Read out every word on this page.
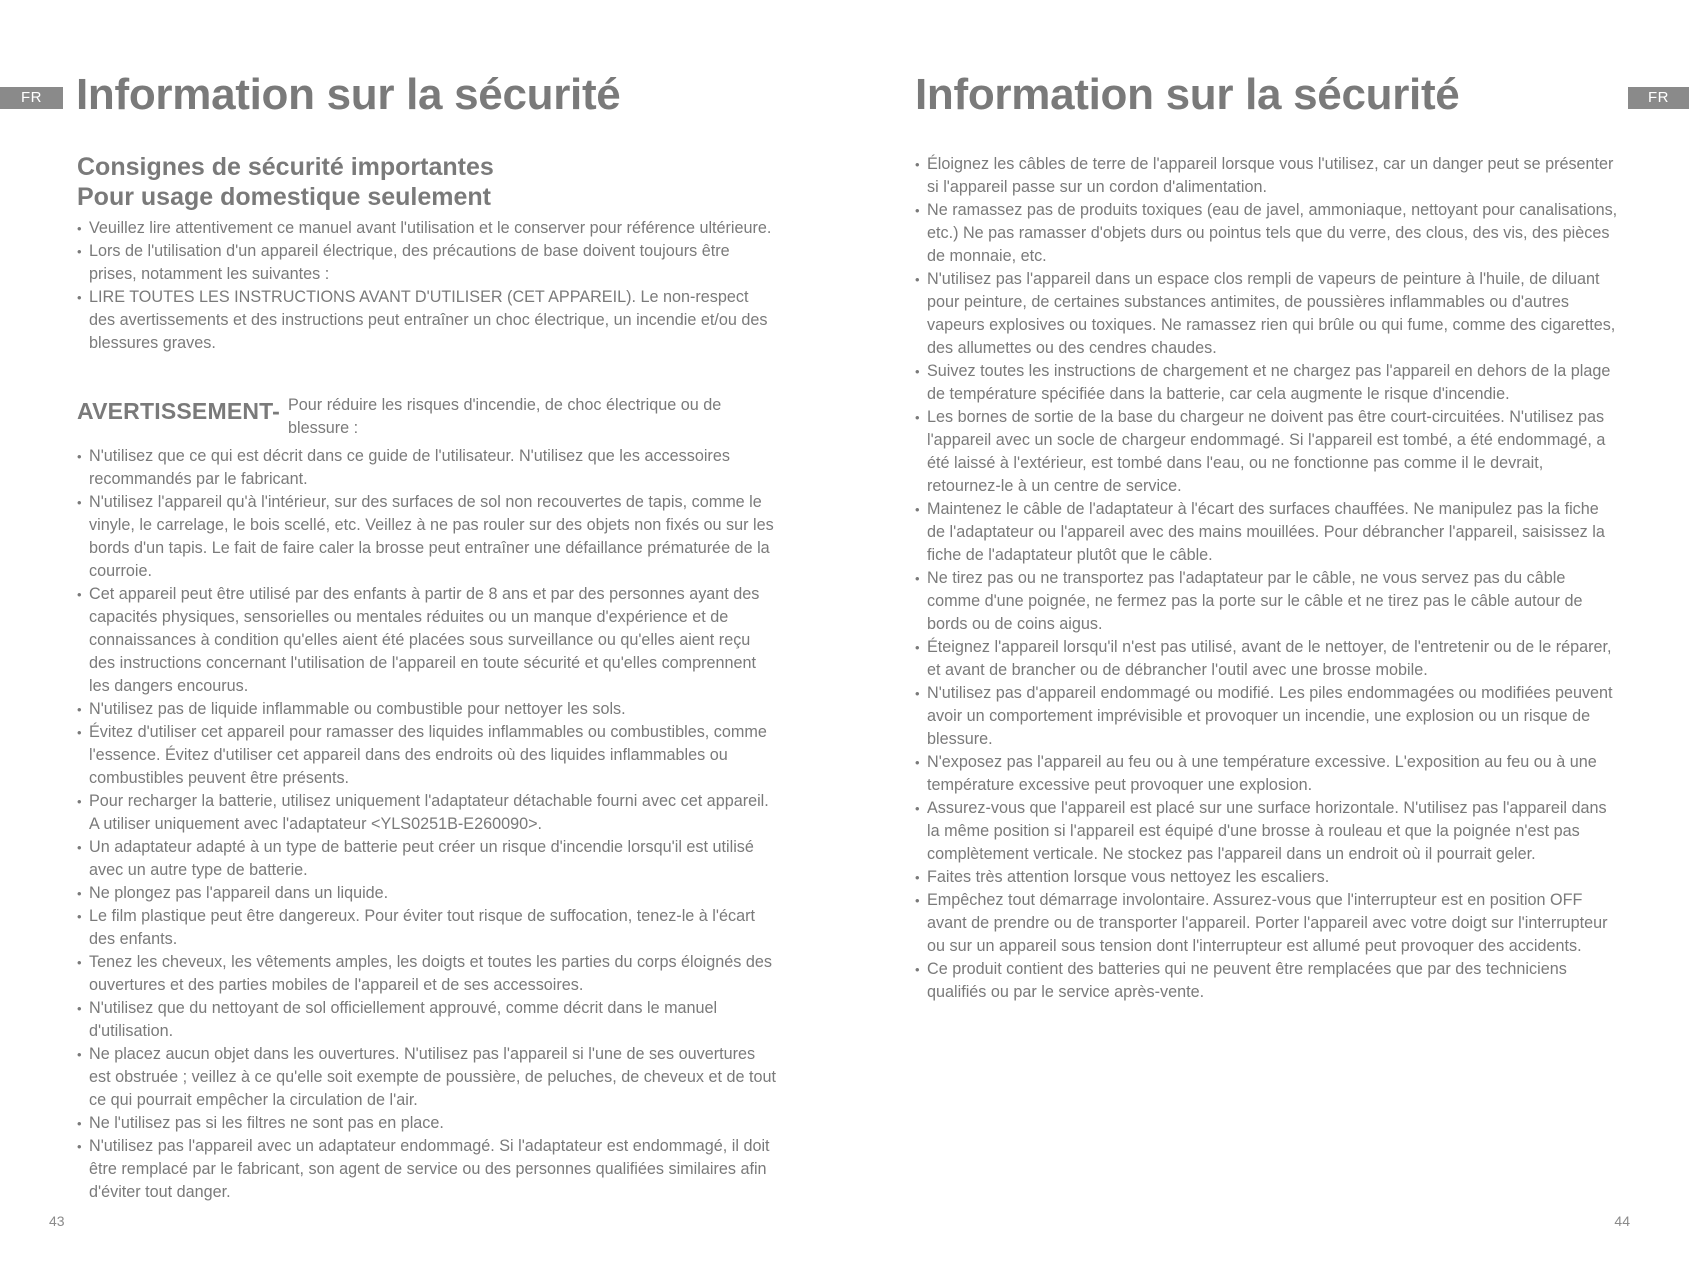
FR Information sur la sécurité
Consignes de sécurité importantes
Pour usage domestique seulement
• Veuillez lire attentivement ce manuel avant l'utilisation et le conserver pour référence ultérieure.
• Lors de l'utilisation d'un appareil électrique, des précautions de base doivent toujours être prises, notamment les suivantes :
• LIRE TOUTES LES INSTRUCTIONS AVANT D'UTILISER (CET APPAREIL). Le non-respect des avertissements et des instructions peut entraîner un choc électrique, un incendie et/ou des blessures graves.
AVERTISSEMENT- Pour réduire les risques d'incendie, de choc électrique ou de blessure :
• N'utilisez que ce qui est décrit dans ce guide de l'utilisateur. N'utilisez que les accessoires recommandés par le fabricant.
• N'utilisez l'appareil qu'à l'intérieur, sur des surfaces de sol non recouvertes de tapis, comme le vinyle, le carrelage, le bois scellé, etc. Veillez à ne pas rouler sur des objets non fixés ou sur les bords d'un tapis. Le fait de faire caler la brosse peut entraîner une défaillance prématurée de la courroie.
• Cet appareil peut être utilisé par des enfants à partir de 8 ans et par des personnes ayant des capacités physiques, sensorielles ou mentales réduites ou un manque d'expérience et de connaissances à condition qu'elles aient été placées sous surveillance ou qu'elles aient reçu des instructions concernant l'utilisation de l'appareil en toute sécurité et qu'elles comprennent les dangers encourus.
• N'utilisez pas de liquide inflammable ou combustible pour nettoyer les sols.
• Évitez d'utiliser cet appareil pour ramasser des liquides inflammables ou combustibles, comme l'essence. Évitez d'utiliser cet appareil dans des endroits où des liquides inflammables ou combustibles peuvent être présents.
• Pour recharger la batterie, utilisez uniquement l'adaptateur détachable fourni avec cet appareil. A utiliser uniquement avec l'adaptateur <YLS0251B-E260090>.
• Un adaptateur adapté à un type de batterie peut créer un risque d'incendie lorsqu'il est utilisé avec un autre type de batterie.
• Ne plongez pas l'appareil dans un liquide.
• Le film plastique peut être dangereux. Pour éviter tout risque de suffocation, tenez-le à l'écart des enfants.
• Tenez les cheveux, les vêtements amples, les doigts et toutes les parties du corps éloignés des ouvertures et des parties mobiles de l'appareil et de ses accessoires.
• N'utilisez que du nettoyant de sol officiellement approuvé, comme décrit dans le manuel d'utilisation.
• Ne placez aucun objet dans les ouvertures. N'utilisez pas l'appareil si l'une de ses ouvertures est obstruée ; veillez à ce qu'elle soit exempte de poussière, de peluches, de cheveux et de tout ce qui pourrait empêcher la circulation de l'air.
• Ne l'utilisez pas si les filtres ne sont pas en place.
• N'utilisez pas l'appareil avec un adaptateur endommagé. Si l'adaptateur est endommagé, il doit être remplacé par le fabricant, son agent de service ou des personnes qualifiées similaires afin d'éviter tout danger.
43
FR
Information sur la sécurité
• Éloignez les câbles de terre de l'appareil lorsque vous l'utilisez, car un danger peut se présenter si l'appareil passe sur un cordon d'alimentation.
• Ne ramassez pas de produits toxiques (eau de javel, ammoniaque, nettoyant pour canalisations, etc.) Ne pas ramasser d'objets durs ou pointus tels que du verre, des clous, des vis, des pièces de monnaie, etc.
• N'utilisez pas l'appareil dans un espace clos rempli de vapeurs de peinture à l'huile, de diluant pour peinture, de certaines substances antimites, de poussières inflammables ou d'autres vapeurs explosives ou toxiques. Ne ramassez rien qui brûle ou qui fume, comme des cigarettes, des allumettes ou des cendres chaudes.
• Suivez toutes les instructions de chargement et ne chargez pas l'appareil en dehors de la plage de température spécifiée dans la batterie, car cela augmente le risque d'incendie.
• Les bornes de sortie de la base du chargeur ne doivent pas être court-circuitées. N'utilisez pas l'appareil avec un socle de chargeur endommagé. Si l'appareil est tombé, a été endommagé, a été laissé à l'extérieur, est tombé dans l'eau, ou ne fonctionne pas comme il le devrait, retournez-le à un centre de service.
• Maintenez le câble de l'adaptateur à l'écart des surfaces chauffées. Ne manipulez pas la fiche de l'adaptateur ou l'appareil avec des mains mouillées. Pour débrancher l'appareil, saisissez la fiche de l'adaptateur plutôt que le câble.
• Ne tirez pas ou ne transportez pas l'adaptateur par le câble, ne vous servez pas du câble comme d'une poignée, ne fermez pas la porte sur le câble et ne tirez pas le câble autour de bords ou de coins aigus.
• Éteignez l'appareil lorsqu'il n'est pas utilisé, avant de le nettoyer, de l'entretenir ou de le réparer, et avant de brancher ou de débrancher l'outil avec une brosse mobile.
• N'utilisez pas d'appareil endommagé ou modifié. Les piles endommagées ou modifiées peuvent avoir un comportement imprévisible et provoquer un incendie, une explosion ou un risque de blessure.
• N'exposez pas l'appareil au feu ou à une température excessive. L'exposition au feu ou à une température excessive peut provoquer une explosion.
• Assurez-vous que l'appareil est placé sur une surface horizontale. N'utilisez pas l'appareil dans la même position si l'appareil est équipé d'une brosse à rouleau et que la poignée n'est pas complètement verticale. Ne stockez pas l'appareil dans un endroit où il pourrait geler.
• Faites très attention lorsque vous nettoyez les escaliers.
• Empêchez tout démarrage involontaire. Assurez-vous que l'interrupteur est en position OFF avant de prendre ou de transporter l'appareil. Porter l'appareil avec votre doigt sur l'interrupteur ou sur un appareil sous tension dont l'interrupteur est allumé peut provoquer des accidents.
• Ce produit contient des batteries qui ne peuvent être remplacées que par des techniciens qualifiés ou par le service après-vente.
44
